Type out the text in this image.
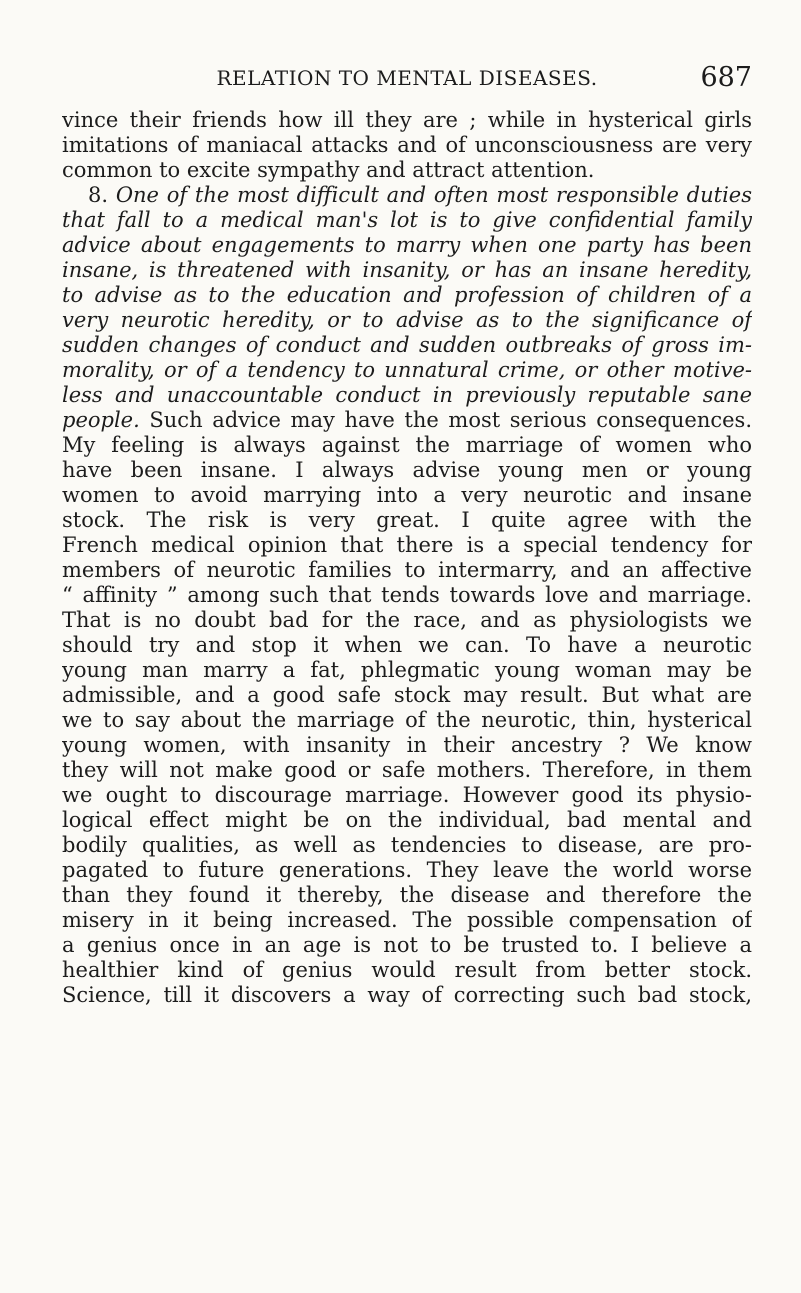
RELATION TO MENTAL DISEASES.	687
vince their friends how ill they are ; while in hysterical girls
imitations of maniacal attacks and of unconsciousness are very
common to excite sympathy and attract attention.
8. One of the most difficult and often most responsible duties
that fall to a medical man's lot is to give confidential family
advice about engagements to marry when one party has been
insane, is threatened with insanity, or has an insane heredity,
to advise as to the education and profession of children of a
very neurotic heredity, or to advise as to the significance of
sudden changes of conduct and sudden outbreaks of gross im-
morality, or of a tendency to unnatural crime, or other motive-
less and unaccountable conduct in previously reputable sane
people. Such advice may have the most serious consequences.
My feeling is always against the marriage of women who
have been insane. I always advise young men or young
women to avoid marrying into a very neurotic and insane
stock. The risk is very great. I quite agree with the
French medical opinion that there is a special tendency for
members of neurotic families to intermarry, and an affective
“ affinity ” among such that tends towards love and marriage.
That is no doubt bad for the race, and as physiologists we
should try and stop it when we can. To have a neurotic
young man marry a fat, phlegmatic young woman may be
admissible, and a good safe stock may result. But what are
we to say about the marriage of the neurotic, thin, hysterical
young women, with insanity in their ancestry ? We know
they will not make good or safe mothers. Therefore, in them
we ought to discourage marriage. However good its physio-
logical effect might be on the individual, bad mental and
bodily qualities, as well as tendencies to disease, are pro-
pagated to future generations. They leave the world worse
than they found it thereby, the disease and therefore the
misery in it being increased. The possible compensation of
a genius once in an age is not to be trusted to. I believe a
healthier kind of genius would result from better stock.
Science, till it discovers a way of correcting such bad stock,
